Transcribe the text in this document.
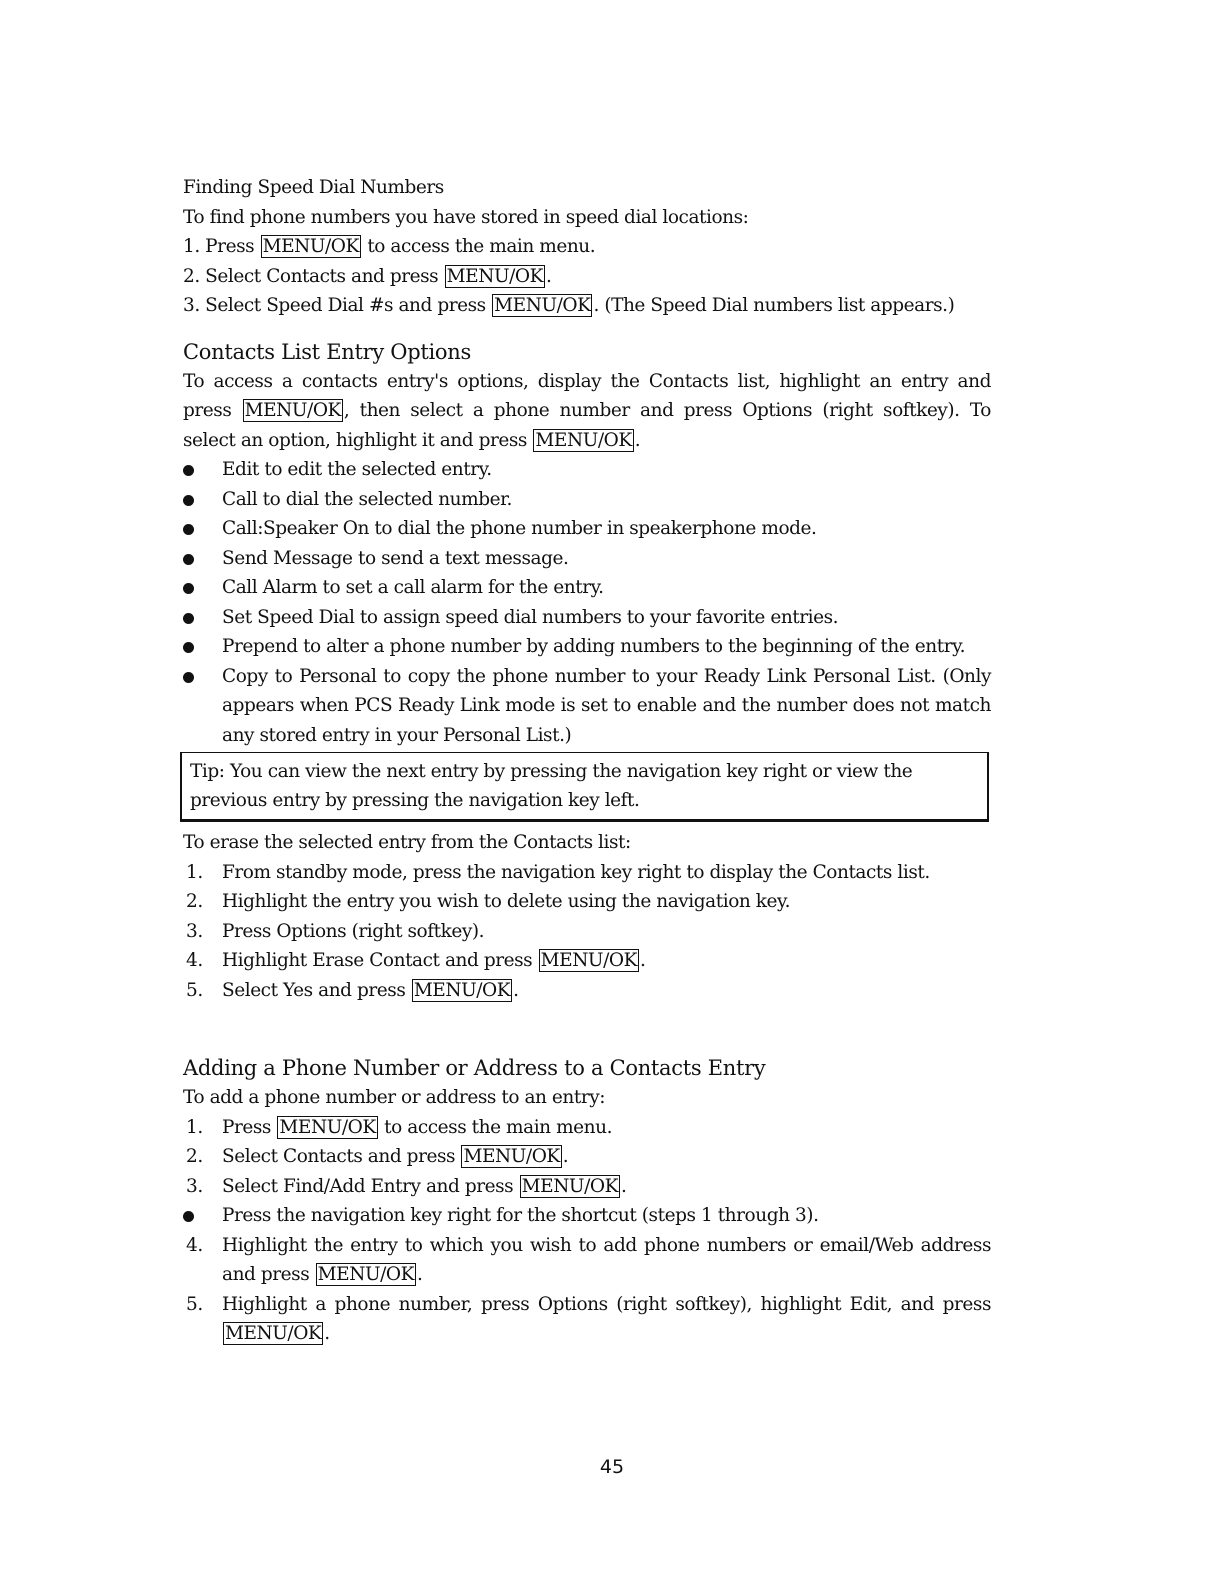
Finding Speed Dial Numbers
To find phone numbers you have stored in speed dial locations:
1. Press MENU/OK to access the main menu.
2. Select Contacts and press MENU/OK .
3. Select Speed Dial #s and press MENU/OK . (The Speed Dial numbers list appears.)
Contacts List Entry Options
To access a contacts entry's options, display the Contacts list, highlight an entry and press MENU/OK , then select a phone number and press Options (right softkey). To select an option, highlight it and press MENU/OK .
Edit to edit the selected entry.
Call to dial the selected number.
Call:Speaker On to dial the phone number in speakerphone mode.
Send Message to send a text message.
Call Alarm to set a call alarm for the entry.
Set Speed Dial to assign speed dial numbers to your favorite entries.
Prepend to alter a phone number by adding numbers to the beginning of the entry.
Copy to Personal to copy the phone number to your Ready Link Personal List. (Only appears when PCS Ready Link mode is set to enable and the number does not match any stored entry in your Personal List.)
Tip: You can view the next entry by pressing the navigation key right or view the previous entry by pressing the navigation key left.
To erase the selected entry from the Contacts list:
1. From standby mode, press the navigation key right to display the Contacts list.
2. Highlight the entry you wish to delete using the navigation key.
3. Press Options (right softkey).
4. Highlight Erase Contact and press MENU/OK .
5. Select Yes and press MENU/OK .
Adding a Phone Number or Address to a Contacts Entry
To add a phone number or address to an entry:
1. Press MENU/OK to access the main menu.
2. Select Contacts and press MENU/OK .
3. Select Find/Add Entry and press MENU/OK .
Press the navigation key right for the shortcut (steps 1 through 3).
4. Highlight the entry to which you wish to add phone numbers or email/Web address and press MENU/OK .
5. Highlight a phone number, press Options (right softkey), highlight Edit, and press MENU/OK .
45
